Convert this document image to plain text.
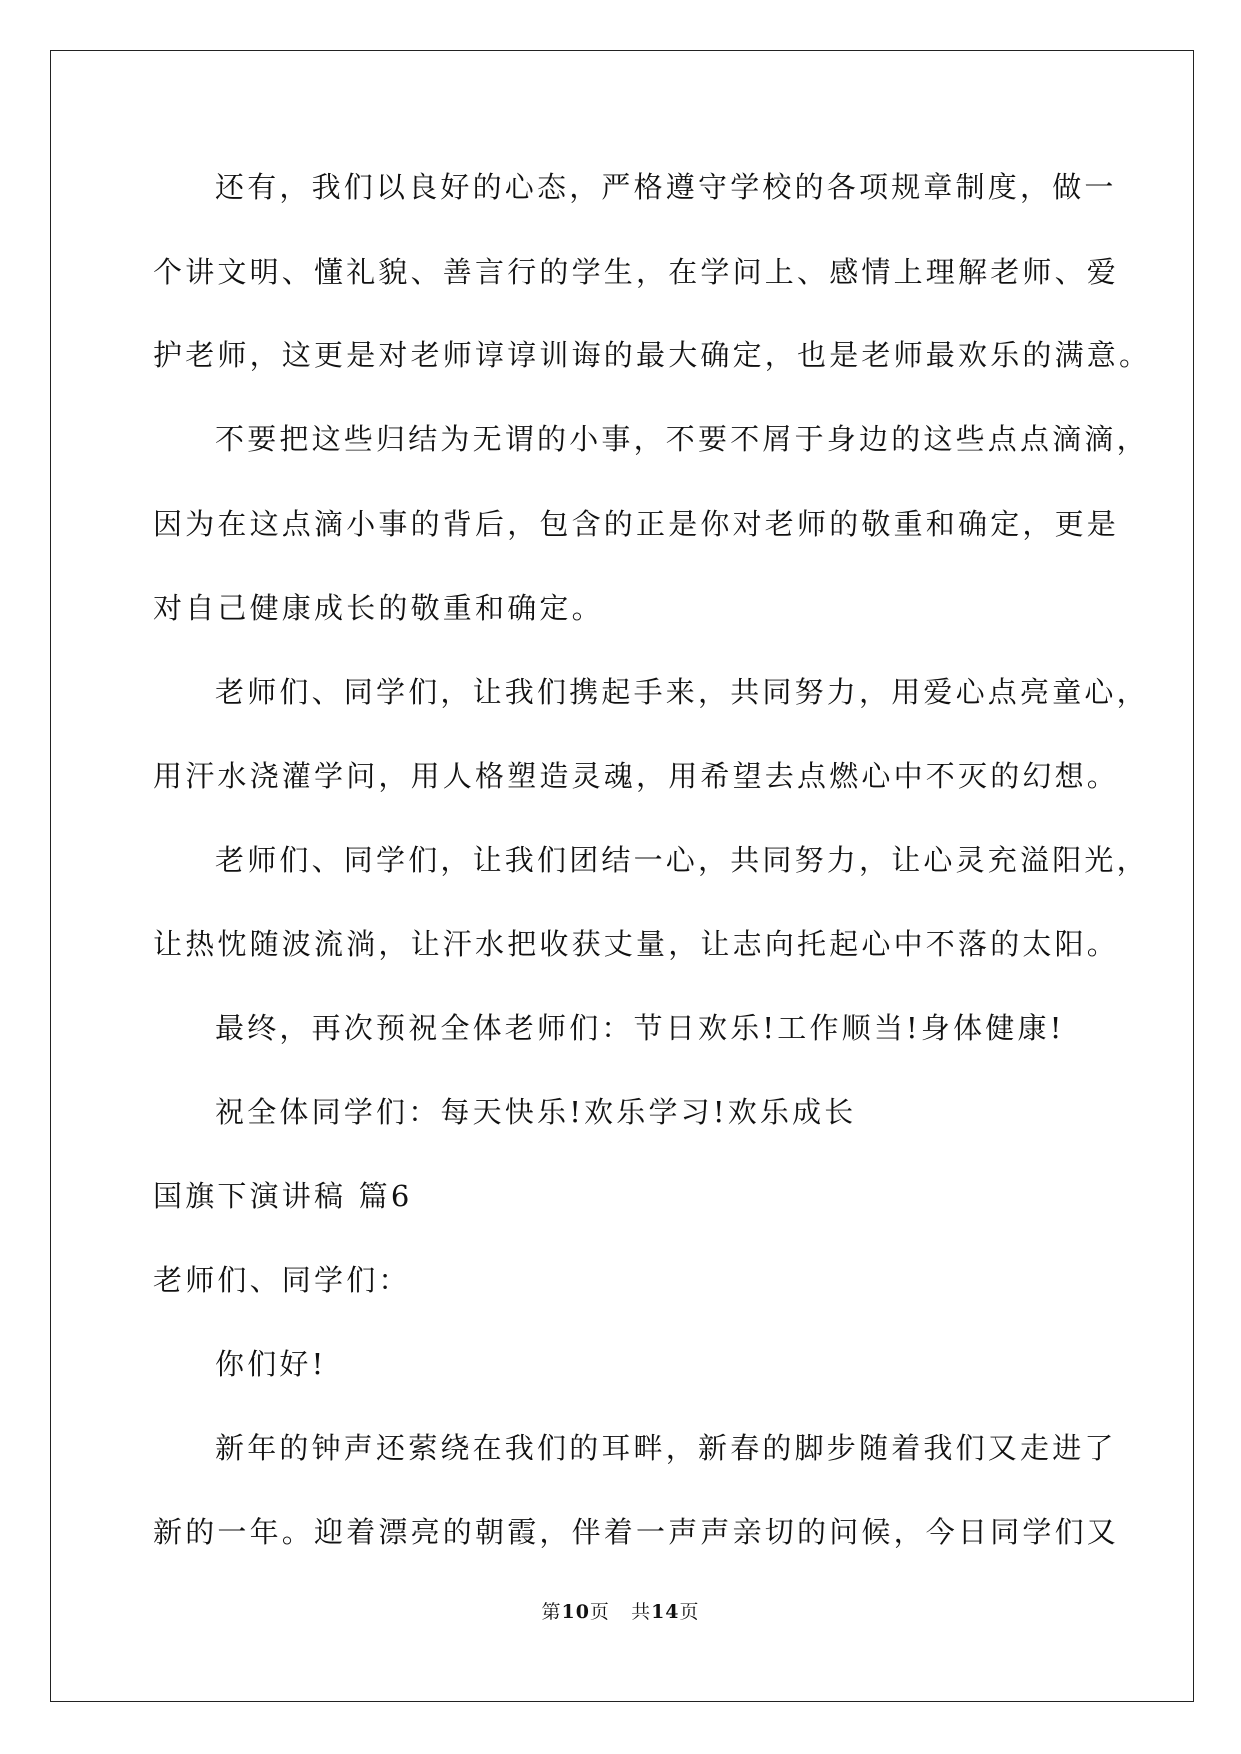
还有，我们以良好的心态，严格遵守学校的各项规章制度，做一
个讲文明、懂礼貌、善言行的学生，在学问上、感情上理解老师、爱
护老师，这更是对老师谆谆训诲的最大确定，也是老师最欢乐的满意。
不要把这些归结为无谓的小事，不要不屑于身边的这些点点滴滴，
因为在这点滴小事的背后，包含的正是你对老师的敬重和确定，更是
对自己健康成长的敬重和确定。
老师们、同学们，让我们携起手来，共同努力，用爱心点亮童心，
用汗水浇灌学问，用人格塑造灵魂，用希望去点燃心中不灭的幻想。
老师们、同学们，让我们团结一心，共同努力，让心灵充溢阳光，
让热忱随波流淌，让汗水把收获丈量，让志向托起心中不落的太阳。
最终，再次预祝全体老师们：节日欢乐!工作顺当!身体健康!
祝全体同学们：每天快乐!欢乐学习!欢乐成长
国旗下演讲稿 篇6
老师们、同学们：
你们好!
新年的钟声还萦绕在我们的耳畔，新春的脚步随着我们又走进了
新的一年。迎着漂亮的朝霞，伴着一声声亲切的问候，今日同学们又
第10页 共14页
